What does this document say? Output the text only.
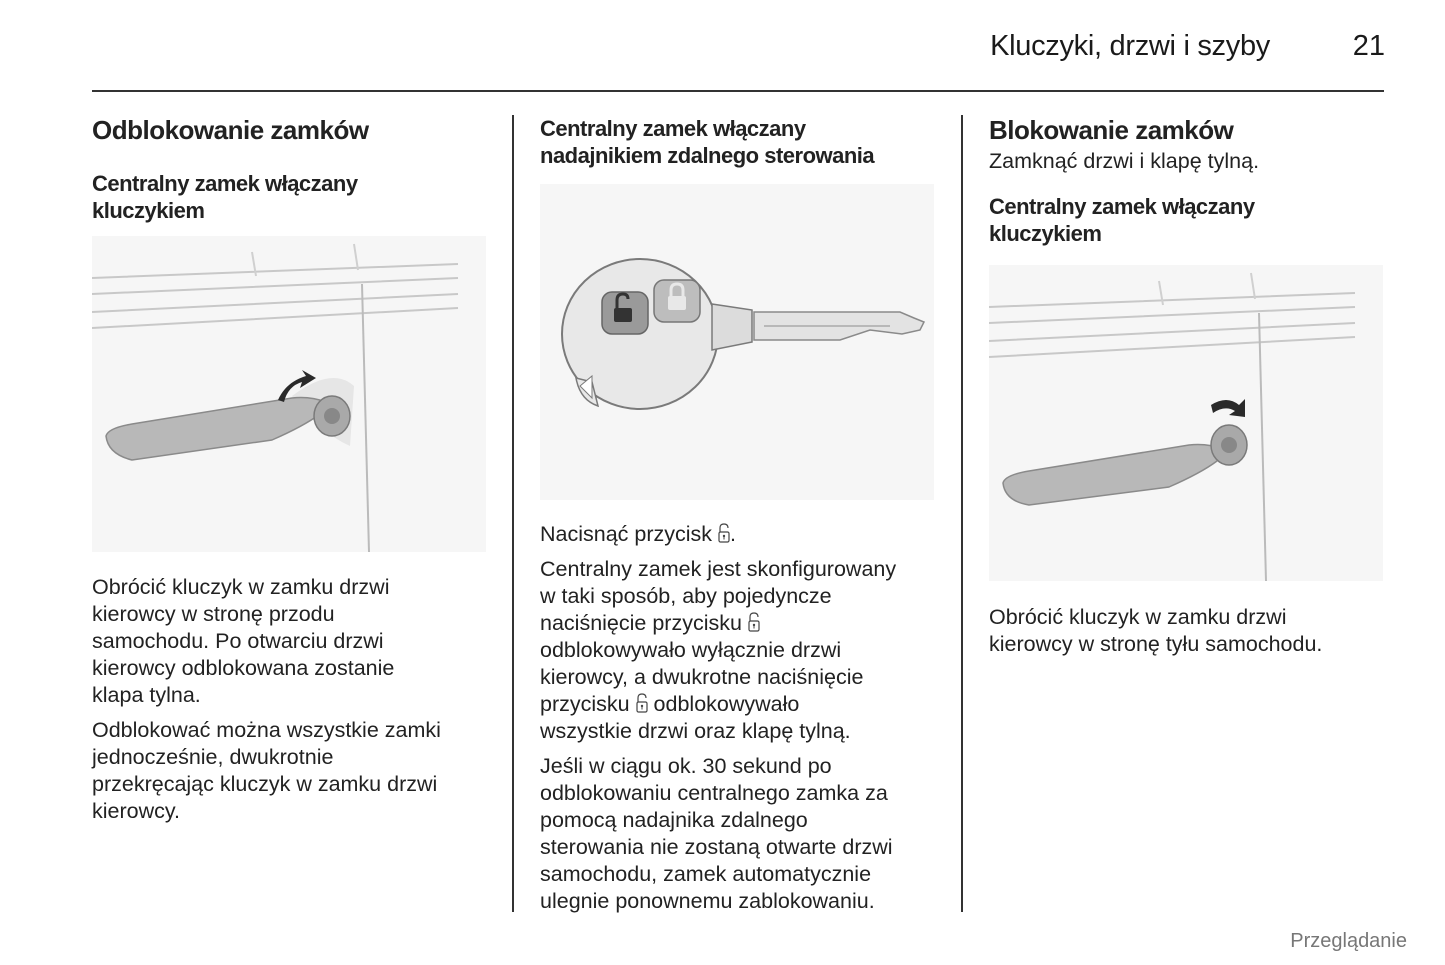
Kluczyki, drzwi i szyby	21
Odblokowanie zamków
Centralny zamek włączany
kluczykiem
Obrócić kluczyk w zamku drzwi
kierowcy w stronę przodu
samochodu. Po otwarciu drzwi
kierowcy odblokowana zostanie
klapa tylna.
Odblokować można wszystkie zamki
jednocześnie, dwukrotnie
przekręcając kluczyk w zamku drzwi
kierowcy.
Centralny zamek włączany
nadajnikiem zdalnego sterowania
Nacisnąć przycisk .
Centralny zamek jest skonfigurowany
w taki sposób, aby pojedyncze
naciśnięcie przycisku
odblokowywało wyłącznie drzwi
kierowcy, a dwukrotne naciśnięcie
przycisku  odblokowywało
wszystkie drzwi oraz klapę tylną.
Jeśli w ciągu ok. 30 sekund po
odblokowaniu centralnego zamka za
pomocą nadajnika zdalnego
sterowania nie zostaną otwarte drzwi
samochodu, zamek automatycznie
ulegnie ponownemu zablokowaniu.
Blokowanie zamków
Zamknąć drzwi i klapę tylną.
Centralny zamek włączany
kluczykiem
Obrócić kluczyk w zamku drzwi
kierowcy w stronę tyłu samochodu.
Przeglądanie
